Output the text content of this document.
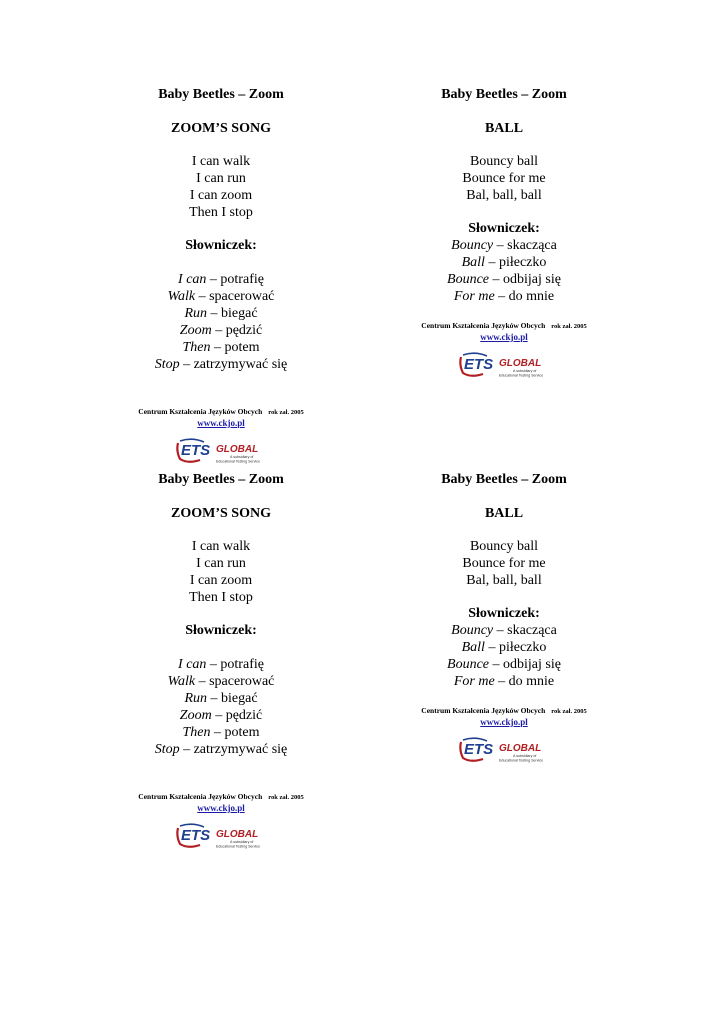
Baby Beetles – Zoom
ZOOM’S SONG
I can walk
I can run
I can zoom
Then I stop
Słowniczek:
I can – potrafię
Walk – spacerować
Run – biegać
Zoom – pędzić
Then – potem
Stop – zatrzymywać się
Centrum Kształcenia Języków Obcych rok zał. 2005
www.ckjo.pl
ETS GLOBAL
A subsidiary of
Educational Testing Service
Baby Beetles – Zoom
BALL
Bouncy ball
Bounce for me
Bal, ball, ball
Słowniczek:
Bouncy – skacząca
Ball – piłeczko
Bounce – odbijaj się
For me – do mnie
Centrum Kształcenia Języków Obcych rok zał. 2005
www.ckjo.pl
ETS GLOBAL
A subsidiary of
Educational Testing Service
Baby Beetles – Zoom
ZOOM’S SONG
I can walk
I can run
I can zoom
Then I stop
Słowniczek:
I can – potrafię
Walk – spacerować
Run – biegać
Zoom – pędzić
Then – potem
Stop – zatrzymywać się
Centrum Kształcenia Języków Obcych rok zał. 2005
www.ckjo.pl
ETS GLOBAL
A subsidiary of
Educational Testing Service
Baby Beetles – Zoom
BALL
Bouncy ball
Bounce for me
Bal, ball, ball
Słowniczek:
Bouncy – skacząca
Ball – piłeczko
Bounce – odbijaj się
For me – do mnie
Centrum Kształcenia Języków Obcych rok zał. 2005
www.ckjo.pl
ETS GLOBAL
A subsidiary of
Educational Testing Service
